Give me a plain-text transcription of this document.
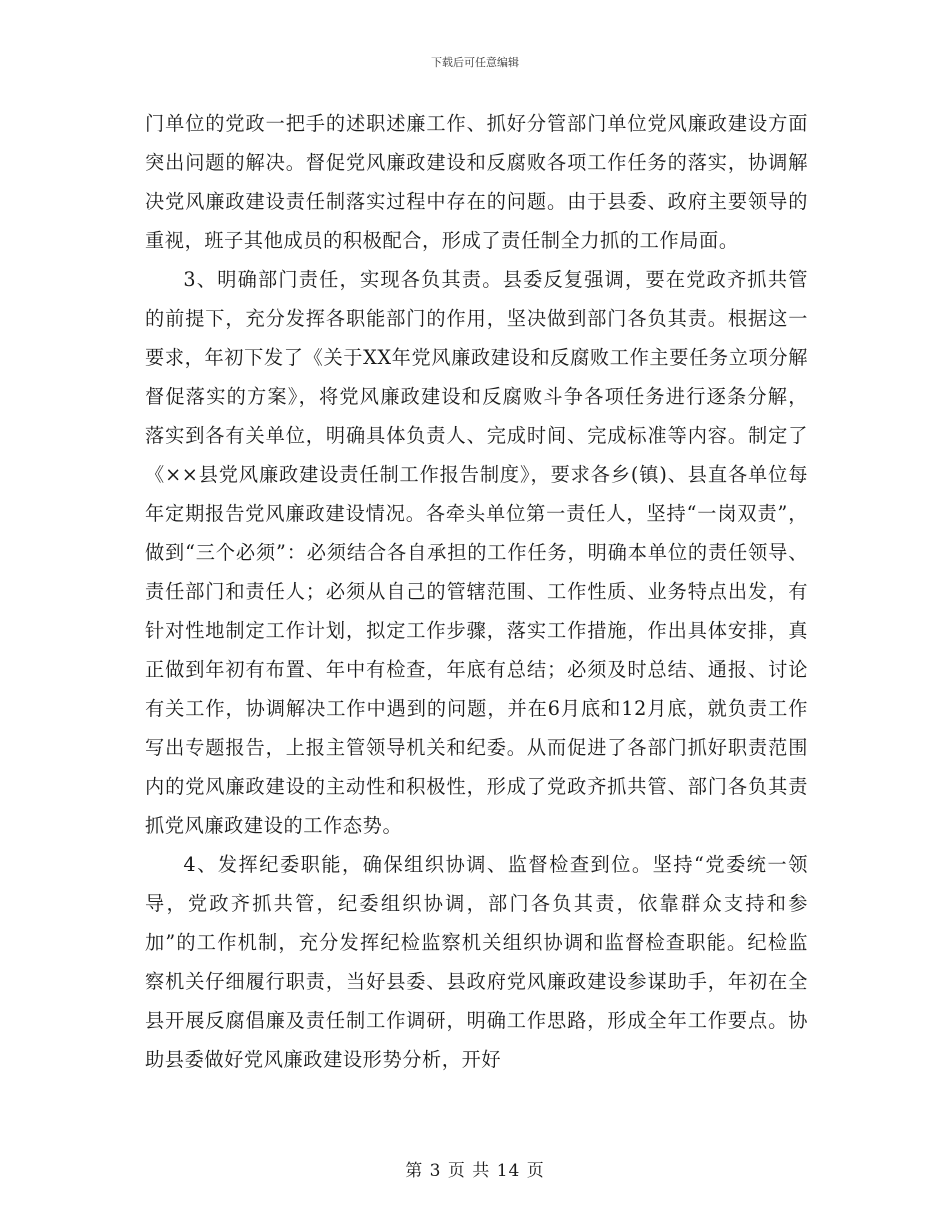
下载后可任意编辑

门单位的党政一把手的述职述廉工作、抓好分管部门单位党风廉政建设方面突出问题的解决。督促党风廉政建设和反腐败各项工作任务的落实，协调解决党风廉政建设责任制落实过程中存在的问题。由于县委、政府主要领导的重视，班子其他成员的积极配合，形成了责任制全力抓的工作局面。

3、明确部门责任，实现各负其责。县委反复强调，要在党政齐抓共管的前提下，充分发挥各职能部门的作用，坚决做到部门各负其责。根据这一要求，年初下发了《关于XX年党风廉政建设和反腐败工作主要任务立项分解督促落实的方案》，将党风廉政建设和反腐败斗争各项任务进行逐条分解，落实到各有关单位，明确具体负责人、完成时间、完成标准等内容。制定了《××县党风廉政建设责任制工作报告制度》，要求各乡(镇)、县直各单位每年定期报告党风廉政建设情况。各牵头单位第一责任人，坚持“一岗双责”，做到“三个必须”：必须结合各自承担的工作任务，明确本单位的责任领导、责任部门和责任人；必须从自己的管辖范围、工作性质、业务特点出发，有针对性地制定工作计划，拟定工作步骤，落实工作措施，作出具体安排，真正做到年初有布置、年中有检查，年底有总结；必须及时总结、通报、讨论有关工作，协调解决工作中遇到的问题，并在6月底和12月底，就负责工作写出专题报告，上报主管领导机关和纪委。从而促进了各部门抓好职责范围内的党风廉政建设的主动性和积极性，形成了党政齐抓共管、部门各负其责抓党风廉政建设的工作态势。

4、发挥纪委职能，确保组织协调、监督检查到位。坚持“党委统一领导，党政齐抓共管，纪委组织协调，部门各负其责，依靠群众支持和参加”的工作机制，充分发挥纪检监察机关组织协调和监督检查职能。纪检监察机关仔细履行职责，当好县委、县政府党风廉政建设参谋助手，年初在全县开展反腐倡廉及责任制工作调研，明确工作思路，形成全年工作要点。协助县委做好党风廉政建设形势分析，开好

第 3 页 共 14 页
